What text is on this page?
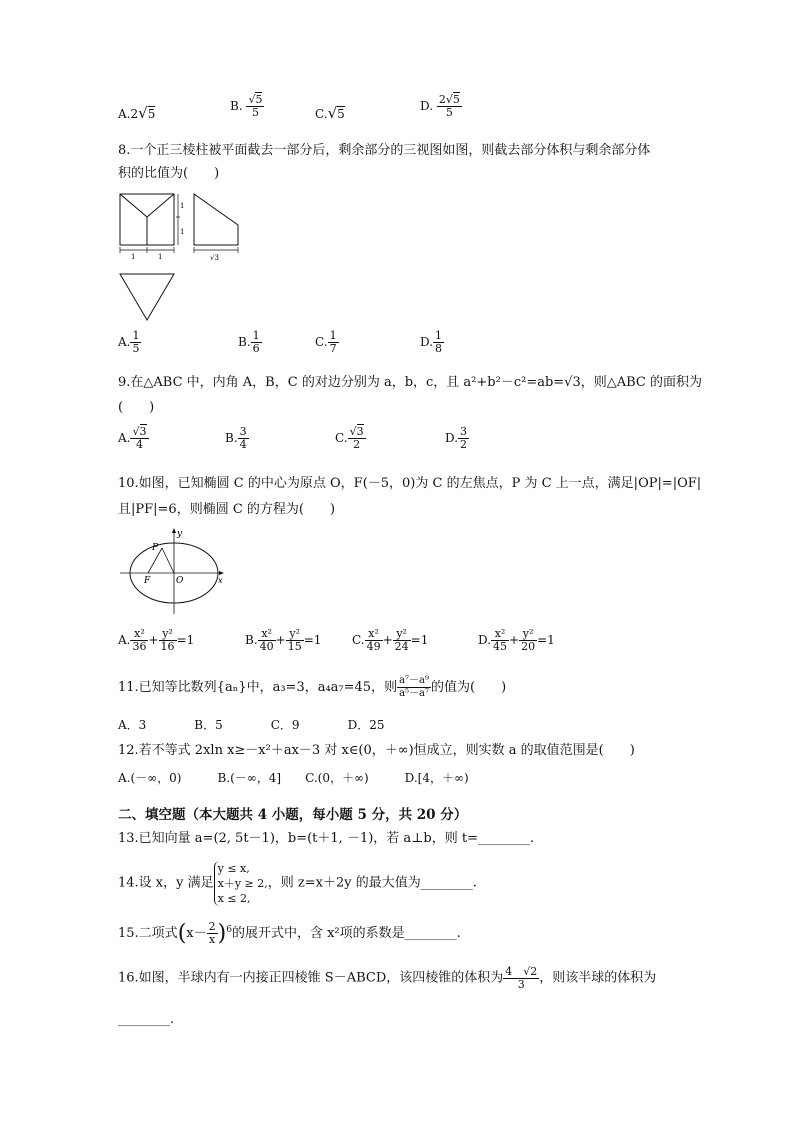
A.2√5
B. $\frac{√5}{5}$	C.√5
D. $\frac{2√5}{5}$
8.一个正三棱柱被平面截去一部分后，剩余部分的三视图如图，则截去部分体积与剩余部分体
积的比值为(　　)
1
1
1	1	√3
A. $\frac{1}{5}$	B. $\frac{1}{6}$	C. $\frac{1}{7}$	D. $\frac{1}{8}$
9.在△ABC 中，内角 A，B，C 的对边分别为 a，b，c，且 a²+b²－c²=ab=√3，则△ABC 的面积为
(　　)
A. $\frac{√3}{4}$	B. $\frac{3}{4}$	C. $\frac{√3}{2}$	D. $\frac{3}{2}$
10.如图，已知椭圆 C 的中心为原点 O，F(－5，0)为 C 的左焦点，P 为 C 上一点，满足|OP|=|OF|
且|PF|=6，则椭圆 C 的方程为(　　)
P
y
F	O	x
A. $\frac{\text{x²}}{36} + \frac{\text{y²}}{16} =1$	B. $\frac{\text{x²}}{40} + \frac{\text{y²}}{15} =1$	C. $\frac{\text{x²}}{49} + \frac{\text{y²}}{24} =1$	D. $\frac{\text{x²}}{45} + \frac{\text{y²}}{20} =1$
11.已知等比数列{aₙ}中，a₃=3，a₄a₇=45，则 $\frac{\text{a⁷－a⁹}}{\text{a⁵－a⁷}}$ 的值为(　　)
A．3　　　　B．5　　　　C．9　　　　D．25
12.若不等式 2xln x≥－x²＋ax－3 对 x∈(0，＋∞)恒成立，则实数 a 的取值范围是(　　)
A.(－∞，0)　　　B.(－∞，4]　　C.(0，＋∞)　　　D.[4，＋∞)
二、填空题（本大题共 4 小题，每小题 5 分，共 20 分）
13.已知向量 a=(2, 5t－1)，b=(t＋1, －1)，若 a⊥b，则 t=________.
14.设 x，y 满足
y ≤ x,
x＋y ≥ 2,
x ≤ 2,
，则 z=x＋2y 的最大值为________.
15.二项式$(x- \frac{2}{x} )^6$的展开式中，含 x²项的系数是________.
16.如图，半球内有一内接正四棱锥 S－ABCD，该四棱锥的体积为 $\frac{4 √2}{3}$ ，则该半球的体积为
________.
